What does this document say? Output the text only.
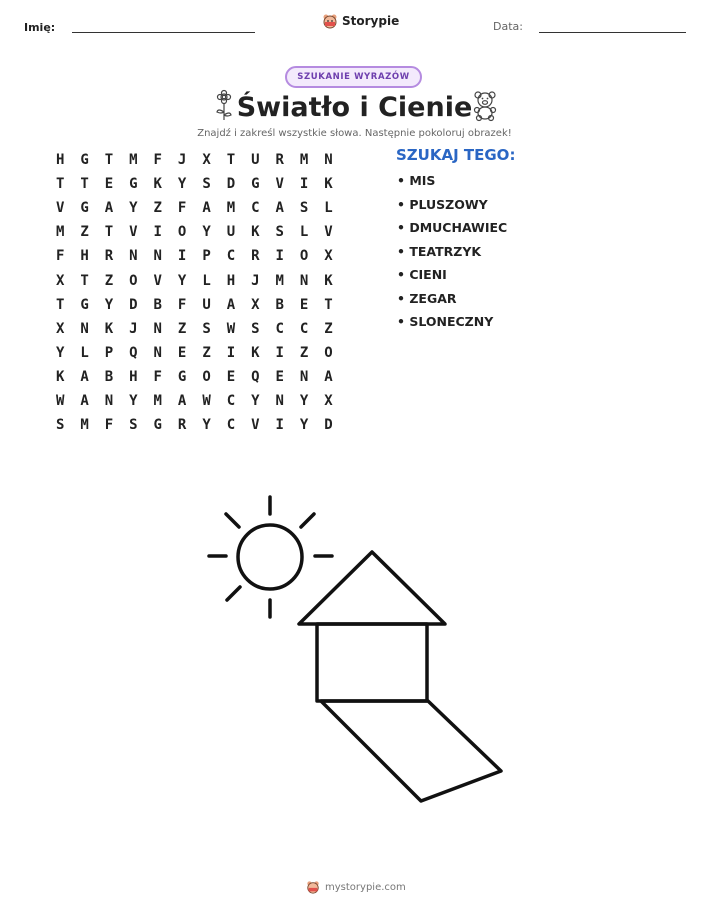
Imię:	Storypie	Data:
SZUKANIE WYRAZÓW
Światło i Cienie
Znajdź i zakreśl wszystkie słowa. Następnie pokoloruj obrazek!
H	G	T	M	F	J	X	T	U	R	M	N
T	T	E	G	K	Y	S	D	G	V	I	K
V	G	A	Y	Z	F	A	M	C	A	S	L
M	Z	T	V	I	O	Y	U	K	S	L	V
F	H	R	N	N	I	P	C	R	I	O	X
X	T	Z	O	V	Y	L	H	J	M	N	K
T	G	Y	D	B	F	U	A	X	B	E	T
X	N	K	J	N	Z	S	W	S	C	C	Z
Y	L	P	Q	N	E	Z	I	K	I	Z	O
K	A	B	H	F	G	O	E	Q	E	N	A
W	A	N	Y	M	A	W	C	Y	N	Y	X
S	M	F	S	G	R	Y	C	V	I	Y	D
SZUKAJ TEGO:
• MIS
• PLUSZOWY
• DMUCHAWIEC
• TEATRZYK
• CIENI
• ZEGAR
• SLONECZNY
mystorypie.com
